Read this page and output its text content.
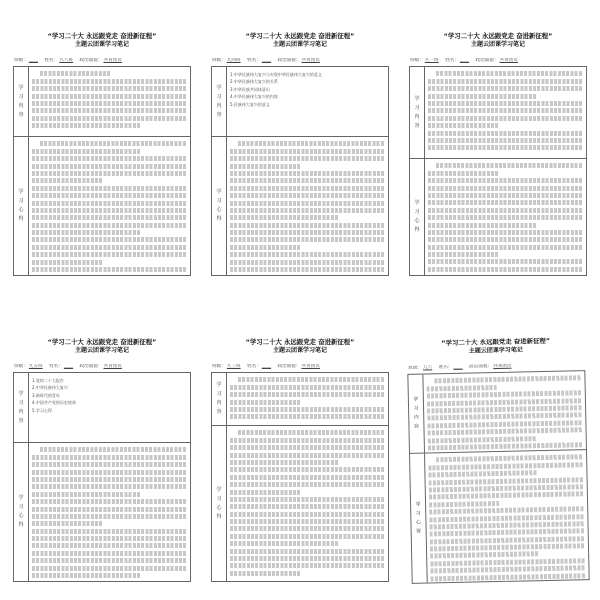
“学习二十大 永远跟党走 奋进新征程”
主题云团课学习笔记
班级：____ 姓名：九八班 政治面貌：共青团员
学
习
内
容
学
习
心
得
“学习二十大 永远跟党走 奋进新征程”
主题云团课学习笔记
班级：九四班 姓名：____ 政治面貌：共青团员
学
习
内
容
1.中华民族伟大复兴与实现中华民族伟大复兴的意义
2.中华民族伟大复兴的关系
3.中华民族共同体意识
4.中华民族伟大复兴的内容
5.民族伟大复兴的意义
学
习
心
得
“学习二十大 永远跟党走 奋进新征程”
主题云团课学习笔记
班级：九一班 姓名：____ 政治面貌：共青团员
学
习
内
容
学
习
心
得
“学习二十大 永远跟党走 奋进新征程”
主题云团课学习笔记
班级：九五班 姓名：____ 政治面貌：共青团员
学
习
内
容
1.党的二十大报告
2.中华民族伟大复兴
3.新时代的青年
4.中国共产党的历史使命
5.学习心得
学
习
心
得
“学习二十大 永远跟党走 奋进新征程”
主题云团课学习笔记
班级：九三班 姓名：____ 政治面貌：共青团员
学
习
内
容
学
习
心
得
“学习二十大 永远跟党走 奋进新征程”
主题云团课学习笔记
班级：九六 姓名：____ 政治面貌：共青团员
学
习
内
容
学
习
心
得
